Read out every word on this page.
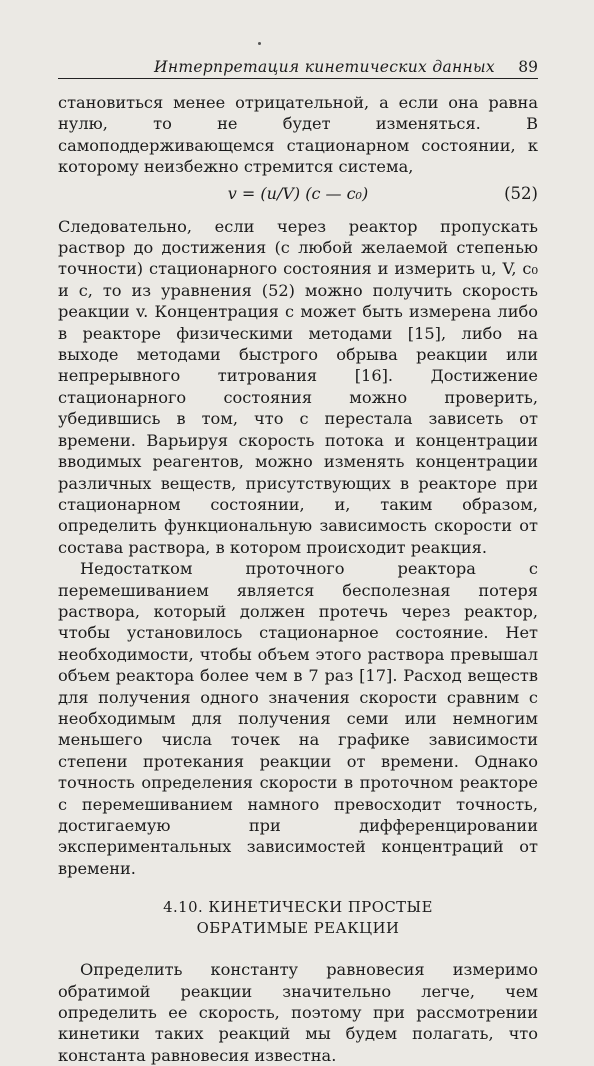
Интерпретация кинетических данных 89

становиться менее отрицательной, а если она равна нулю, то не будет изменяться. В самоподдерживающемся стационарном состоянии, к которому неизбежно стремится система,

v = (u/V) (c — c₀)	(52)

Следовательно, если через реактор пропускать раствор до достижения (с любой желаемой степенью точности) стационарного состояния и измерить u, V, c₀ и c, то из уравнения (52) можно получить скорость реакции v. Концентрация c может быть измерена либо в реакторе физическими методами [15], либо на выходе методами быстрого обрыва реакции или непрерывного титрования [16]. Достижение стационарного состояния можно проверить, убедившись в том, что c перестала зависеть от времени. Варьируя скорость потока и концентрации вводимых реагентов, можно изменять концентрации различных веществ, присутствующих в реакторе при стационарном состоянии, и, таким образом, определить функциональную зависимость скорости от состава раствора, в котором происходит реакция.

Недостатком проточного реактора с перемешиванием является бесполезная потеря раствора, который должен протечь через реактор, чтобы установилось стационарное состояние. Нет необходимости, чтобы объем этого раствора превышал объем реактора более чем в 7 раз [17]. Расход веществ для получения одного значения скорости сравним с необходимым для получения семи или немногим меньшего числа точек на графике зависимости степени протекания реакции от времени. Однако точность определения скорости в проточном реакторе с перемешиванием намного превосходит точность, достигаемую при дифференцировании экспериментальных зависимостей концентраций от времени.

4.10. КИНЕТИЧЕСКИ ПРОСТЫЕ
ОБРАТИМЫЕ РЕАКЦИИ

Определить константу равновесия измеримо обратимой реакции значительно легче, чем определить ее скорость, поэтому при рассмотрении кинетики таких реакций мы будем полагать, что константа равновесия известна.
